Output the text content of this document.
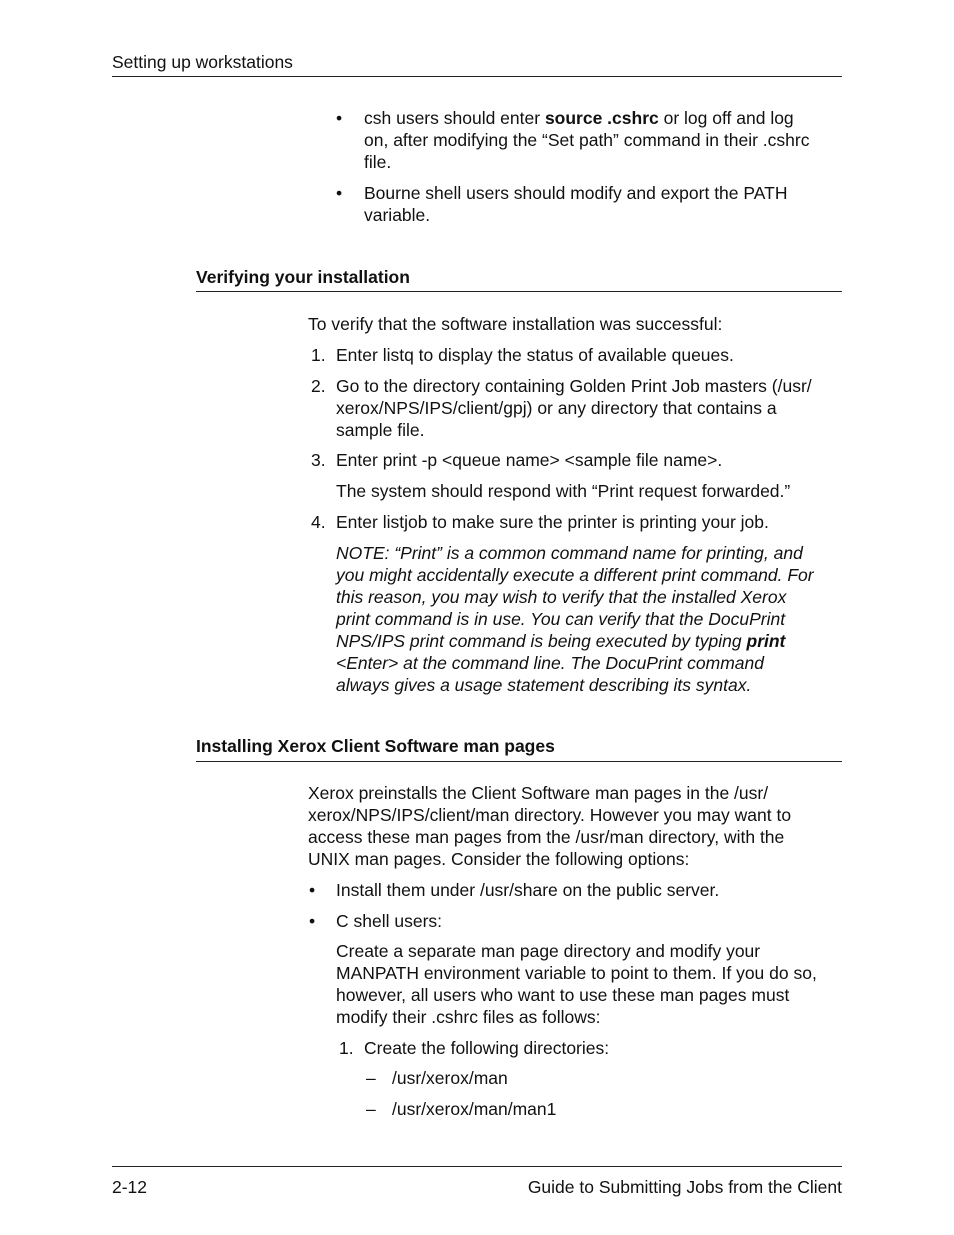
Setting up workstations
• csh users should enter source .cshrc or log off and log
on, after modifying the “Set path” command in their .cshrc
file.
• Bourne shell users should modify and export the PATH
variable.
Verifying your installation
To verify that the software installation was successful:
1. Enter listq to display the status of available queues.
2. Go to the directory containing Golden Print Job masters (/usr/
xerox/NPS/IPS/client/gpj) or any directory that contains a
sample file.
3. Enter print -p <queue name> <sample file name>.
The system should respond with “Print request forwarded.”
4. Enter listjob to make sure the printer is printing your job.
NOTE: “Print” is a common command name for printing, and
you might accidentally execute a different print command. For
this reason, you may wish to verify that the installed Xerox
print command is in use. You can verify that the DocuPrint
NPS/IPS print command is being executed by typing print
<Enter> at the command line. The DocuPrint command
always gives a usage statement describing its syntax.
Installing Xerox Client Software man pages
Xerox preinstalls the Client Software man pages in the /usr/
xerox/NPS/IPS/client/man directory. However you may want to
access these man pages from the /usr/man directory, with the
UNIX man pages. Consider the following options:
• Install them under /usr/share on the public server.
• C shell users:
Create a separate man page directory and modify your
MANPATH environment variable to point to them. If you do so,
however, all users who want to use these man pages must
modify their .cshrc files as follows:
1. Create the following directories:
– /usr/xerox/man
– /usr/xerox/man/man1
2-12	Guide to Submitting Jobs from the Client
